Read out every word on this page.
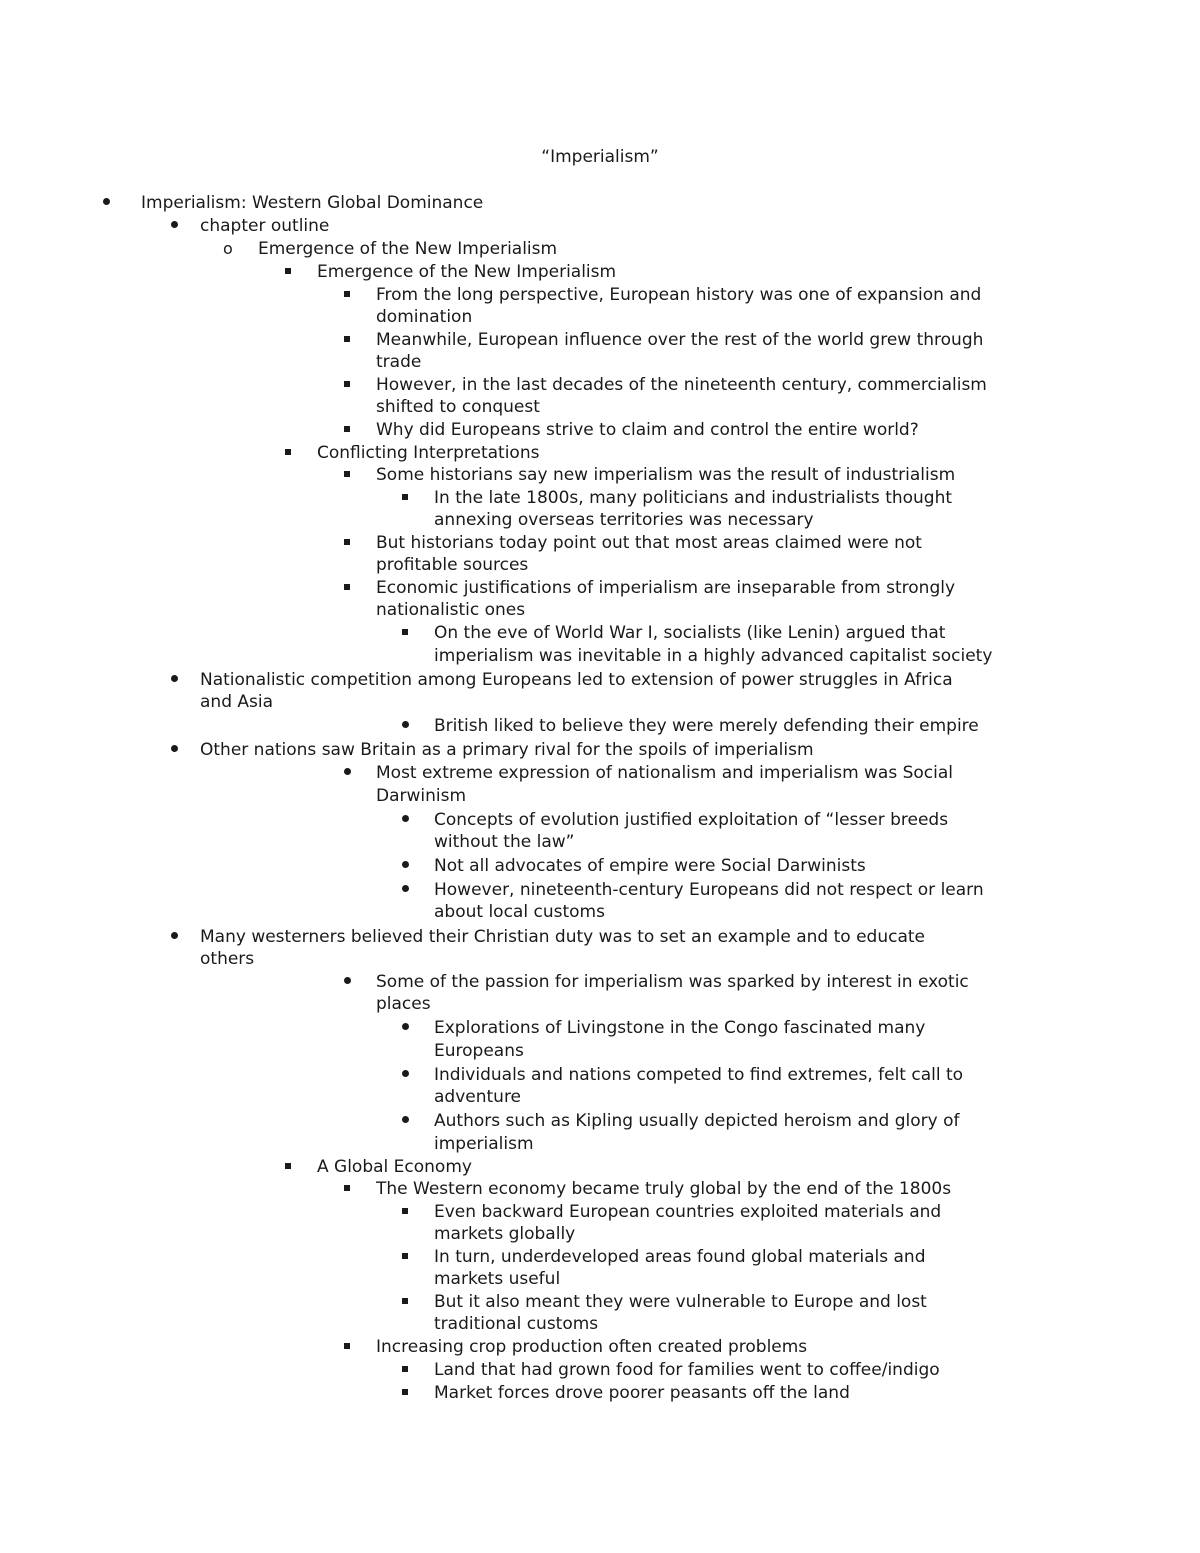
“Imperialism”
Imperialism: Western Global Dominance
chapter outline
o Emergence of the New Imperialism
Emergence of the New Imperialism
From the long perspective, European history was one of expansion and
domination
Meanwhile, European influence over the rest of the world grew through
trade
However, in the last decades of the nineteenth century, commercialism
shifted to conquest
Why did Europeans strive to claim and control the entire world?
Conflicting Interpretations
Some historians say new imperialism was the result of industrialism
In the late 1800s, many politicians and industrialists thought
annexing overseas territories was necessary
But historians today point out that most areas claimed were not
profitable sources
Economic justifications of imperialism are inseparable from strongly
nationalistic ones
On the eve of World War I, socialists (like Lenin) argued that
imperialism was inevitable in a highly advanced capitalist society
Nationalistic competition among Europeans led to extension of power struggles in Africa
and Asia
British liked to believe they were merely defending their empire
Other nations saw Britain as a primary rival for the spoils of imperialism
Most extreme expression of nationalism and imperialism was Social
Darwinism
Concepts of evolution justified exploitation of “lesser breeds
without the law”
Not all advocates of empire were Social Darwinists
However, nineteenth-century Europeans did not respect or learn
about local customs
Many westerners believed their Christian duty was to set an example and to educate
others
Some of the passion for imperialism was sparked by interest in exotic
places
Explorations of Livingstone in the Congo fascinated many
Europeans
Individuals and nations competed to find extremes, felt call to
adventure
Authors such as Kipling usually depicted heroism and glory of
imperialism
A Global Economy
The Western economy became truly global by the end of the 1800s
Even backward European countries exploited materials and
markets globally
In turn, underdeveloped areas found global materials and
markets useful
But it also meant they were vulnerable to Europe and lost
traditional customs
Increasing crop production often created problems
Land that had grown food for families went to coffee/indigo
Market forces drove poorer peasants off the land
